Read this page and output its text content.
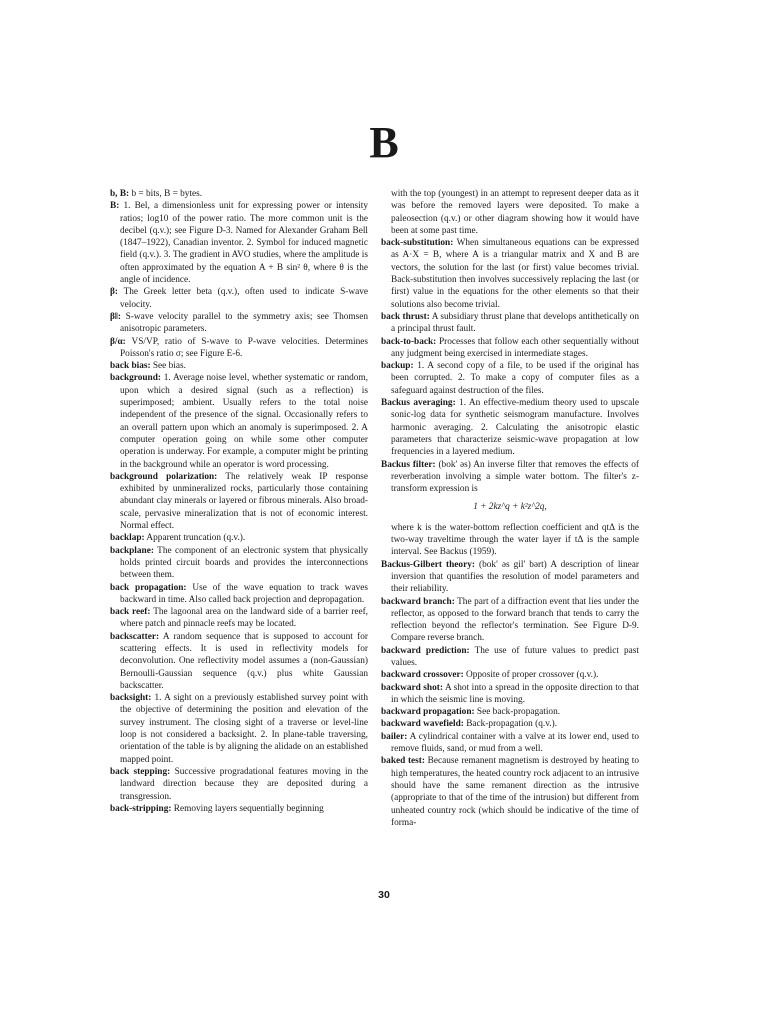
B

b, B: b = bits, B = bytes.

B: 1. Bel, a dimensionless unit for expressing power or intensity ratios; log10 of the power ratio. The more common unit is the decibel (q.v.); see Figure D-3. Named for Alexander Graham Bell (1847–1922), Canadian inventor. 2. Symbol for induced magnetic field (q.v.). 3. The gradient in AVO studies, where the amplitude is often approximated by the equation A + B sin² θ, where θ is the angle of incidence.

β: The Greek letter beta (q.v.), often used to indicate S-wave velocity.

β‖: S-wave velocity parallel to the symmetry axis; see Thomsen anisotropic parameters.

β/α: VS/VP, ratio of S-wave to P-wave velocities. Determines Poisson's ratio σ; see Figure E-6.

back bias: See bias.

background: 1. Average noise level, whether systematic or random, upon which a desired signal (such as a reflection) is superimposed; ambient. Usually refers to the total noise independent of the presence of the signal. Occasionally refers to an overall pattern upon which an anomaly is superimposed. 2. A computer operation going on while some other computer operation is underway. For example, a computer might be printing in the background while an operator is word processing.

background polarization: The relatively weak IP response exhibited by unmineralized rocks, particularly those containing abundant clay minerals or layered or fibrous minerals. Also broad-scale, pervasive mineralization that is not of economic interest. Normal effect.

backlap: Apparent truncation (q.v.).

backplane: The component of an electronic system that physically holds printed circuit boards and provides the interconnections between them.

back propagation: Use of the wave equation to track waves backward in time. Also called back projection and depropagation.

back reef: The lagoonal area on the landward side of a barrier reef, where patch and pinnacle reefs may be located.

backscatter: A random sequence that is supposed to account for scattering effects. It is used in reflectivity models for deconvolution. One reflectivity model assumes a (non-Gaussian) Bernoulli-Gaussian sequence (q.v.) plus white Gaussian backscatter.

backsight: 1. A sight on a previously established survey point with the objective of determining the position and elevation of the survey instrument. The closing sight of a traverse or level-line loop is not considered a backsight. 2. In plane-table traversing, orientation of the table is by aligning the alidade on an established mapped point.

back stepping: Successive progradational features moving in the landward direction because they are deposited during a transgression.

back-stripping: Removing layers sequentially beginning

with the top (youngest) in an attempt to represent deeper data as it was before the removed layers were deposited. To make a paleosection (q.v.) or other diagram showing how it would have been at some past time.

back-substitution: When simultaneous equations can be expressed as A·X = B, where A is a triangular matrix and X and B are vectors, the solution for the last (or first) value becomes trivial. Back-substitution then involves successively replacing the last (or first) value in the equations for the other elements so that their solutions also become trivial.

back thrust: A subsidiary thrust plane that develops antithetically on a principal thrust fault.

back-to-back: Processes that follow each other sequentially without any judgment being exercised in intermediate stages.

backup: 1. A second copy of a file, to be used if the original has been corrupted. 2. To make a copy of computer files as a safeguard against destruction of the files.

Backus averaging: 1. An effective-medium theory used to upscale sonic-log data for synthetic seismogram manufacture. Involves harmonic averaging. 2. Calculating the anisotropic elastic parameters that characterize seismic-wave propagation at low frequencies in a layered medium.

Backus filter: (bok' əs) An inverse filter that removes the effects of reverberation involving a simple water bottom. The filter's z-transform expression is

1 + 2kz^q + k²z^2q,

where k is the water-bottom reflection coefficient and qtΔ is the two-way traveltime through the water layer if tΔ is the sample interval. See Backus (1959).

Backus-Gilbert theory: (bok' əs gil' bərt) A description of linear inversion that quantifies the resolution of model parameters and their reliability.

backward branch: The part of a diffraction event that lies under the reflector, as opposed to the forward branch that tends to carry the reflection beyond the reflector's termination. See Figure D-9. Compare reverse branch.

backward prediction: The use of future values to predict past values.

backward crossover: Opposite of proper crossover (q.v.).

backward shot: A shot into a spread in the opposite direction to that in which the seismic line is moving.

backward propagation: See back-propagation.

backward wavefield: Back-propagation (q.v.).

bailer: A cylindrical container with a valve at its lower end, used to remove fluids, sand, or mud from a well.

baked test: Because remanent magnetism is destroyed by heating to high temperatures, the heated country rock adjacent to an intrusive should have the same remanent direction as the intrusive (appropriate to that of the time of the intrusion) but different from unheated country rock (which should be indicative of the time of forma-

30
